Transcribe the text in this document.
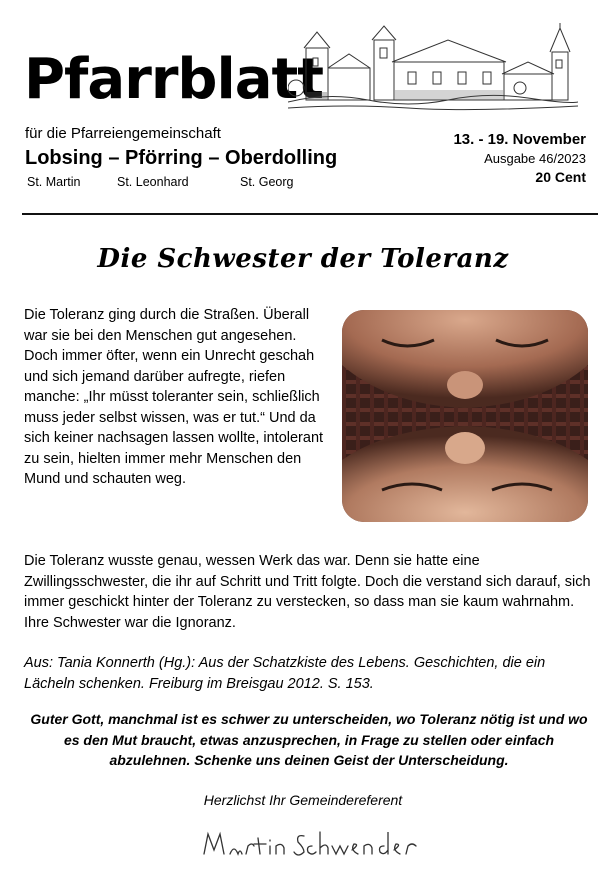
Pfarrblatt
für die Pfarreiengemeinschaft
Lobsing – Pförring – Oberdolling
St. Martin	St. Leonhard	St. Georg
13. - 19. November
Ausgabe 46/2023
20 Cent
Die Schwester der Toleranz
Die Toleranz ging durch die Straßen. Überall war sie bei den Menschen gut angesehen. Doch immer öfter, wenn ein Unrecht geschah und sich jemand darüber aufregte, riefen manche: „Ihr müsst toleranter sein, schließlich muss jeder selbst wissen, was er tut.“ Und da sich keiner nachsagen lassen wollte, intolerant zu sein, hielten immer mehr Menschen den Mund und schauten weg.
Die Toleranz wusste genau, wessen Werk das war. Denn sie hatte eine Zwillingsschwester, die ihr auf Schritt und Tritt folgte. Doch die verstand sich darauf, sich immer geschickt hinter der Toleranz zu verstecken, so dass man sie kaum wahrnahm.
Ihre Schwester war die Ignoranz.
Aus: Tania Konnerth (Hg.): Aus der Schatzkiste des Lebens. Geschichten, die ein Lächeln schenken. Freiburg im Breisgau 2012. S. 153.
Guter Gott, manchmal ist es schwer zu unterscheiden, wo Toleranz nötig ist und wo es den Mut braucht, etwas anzusprechen, in Frage zu stellen oder einfach abzulehnen. Schenke uns deinen Geist der Unterscheidung.
Herzlichst Ihr Gemeindereferent
